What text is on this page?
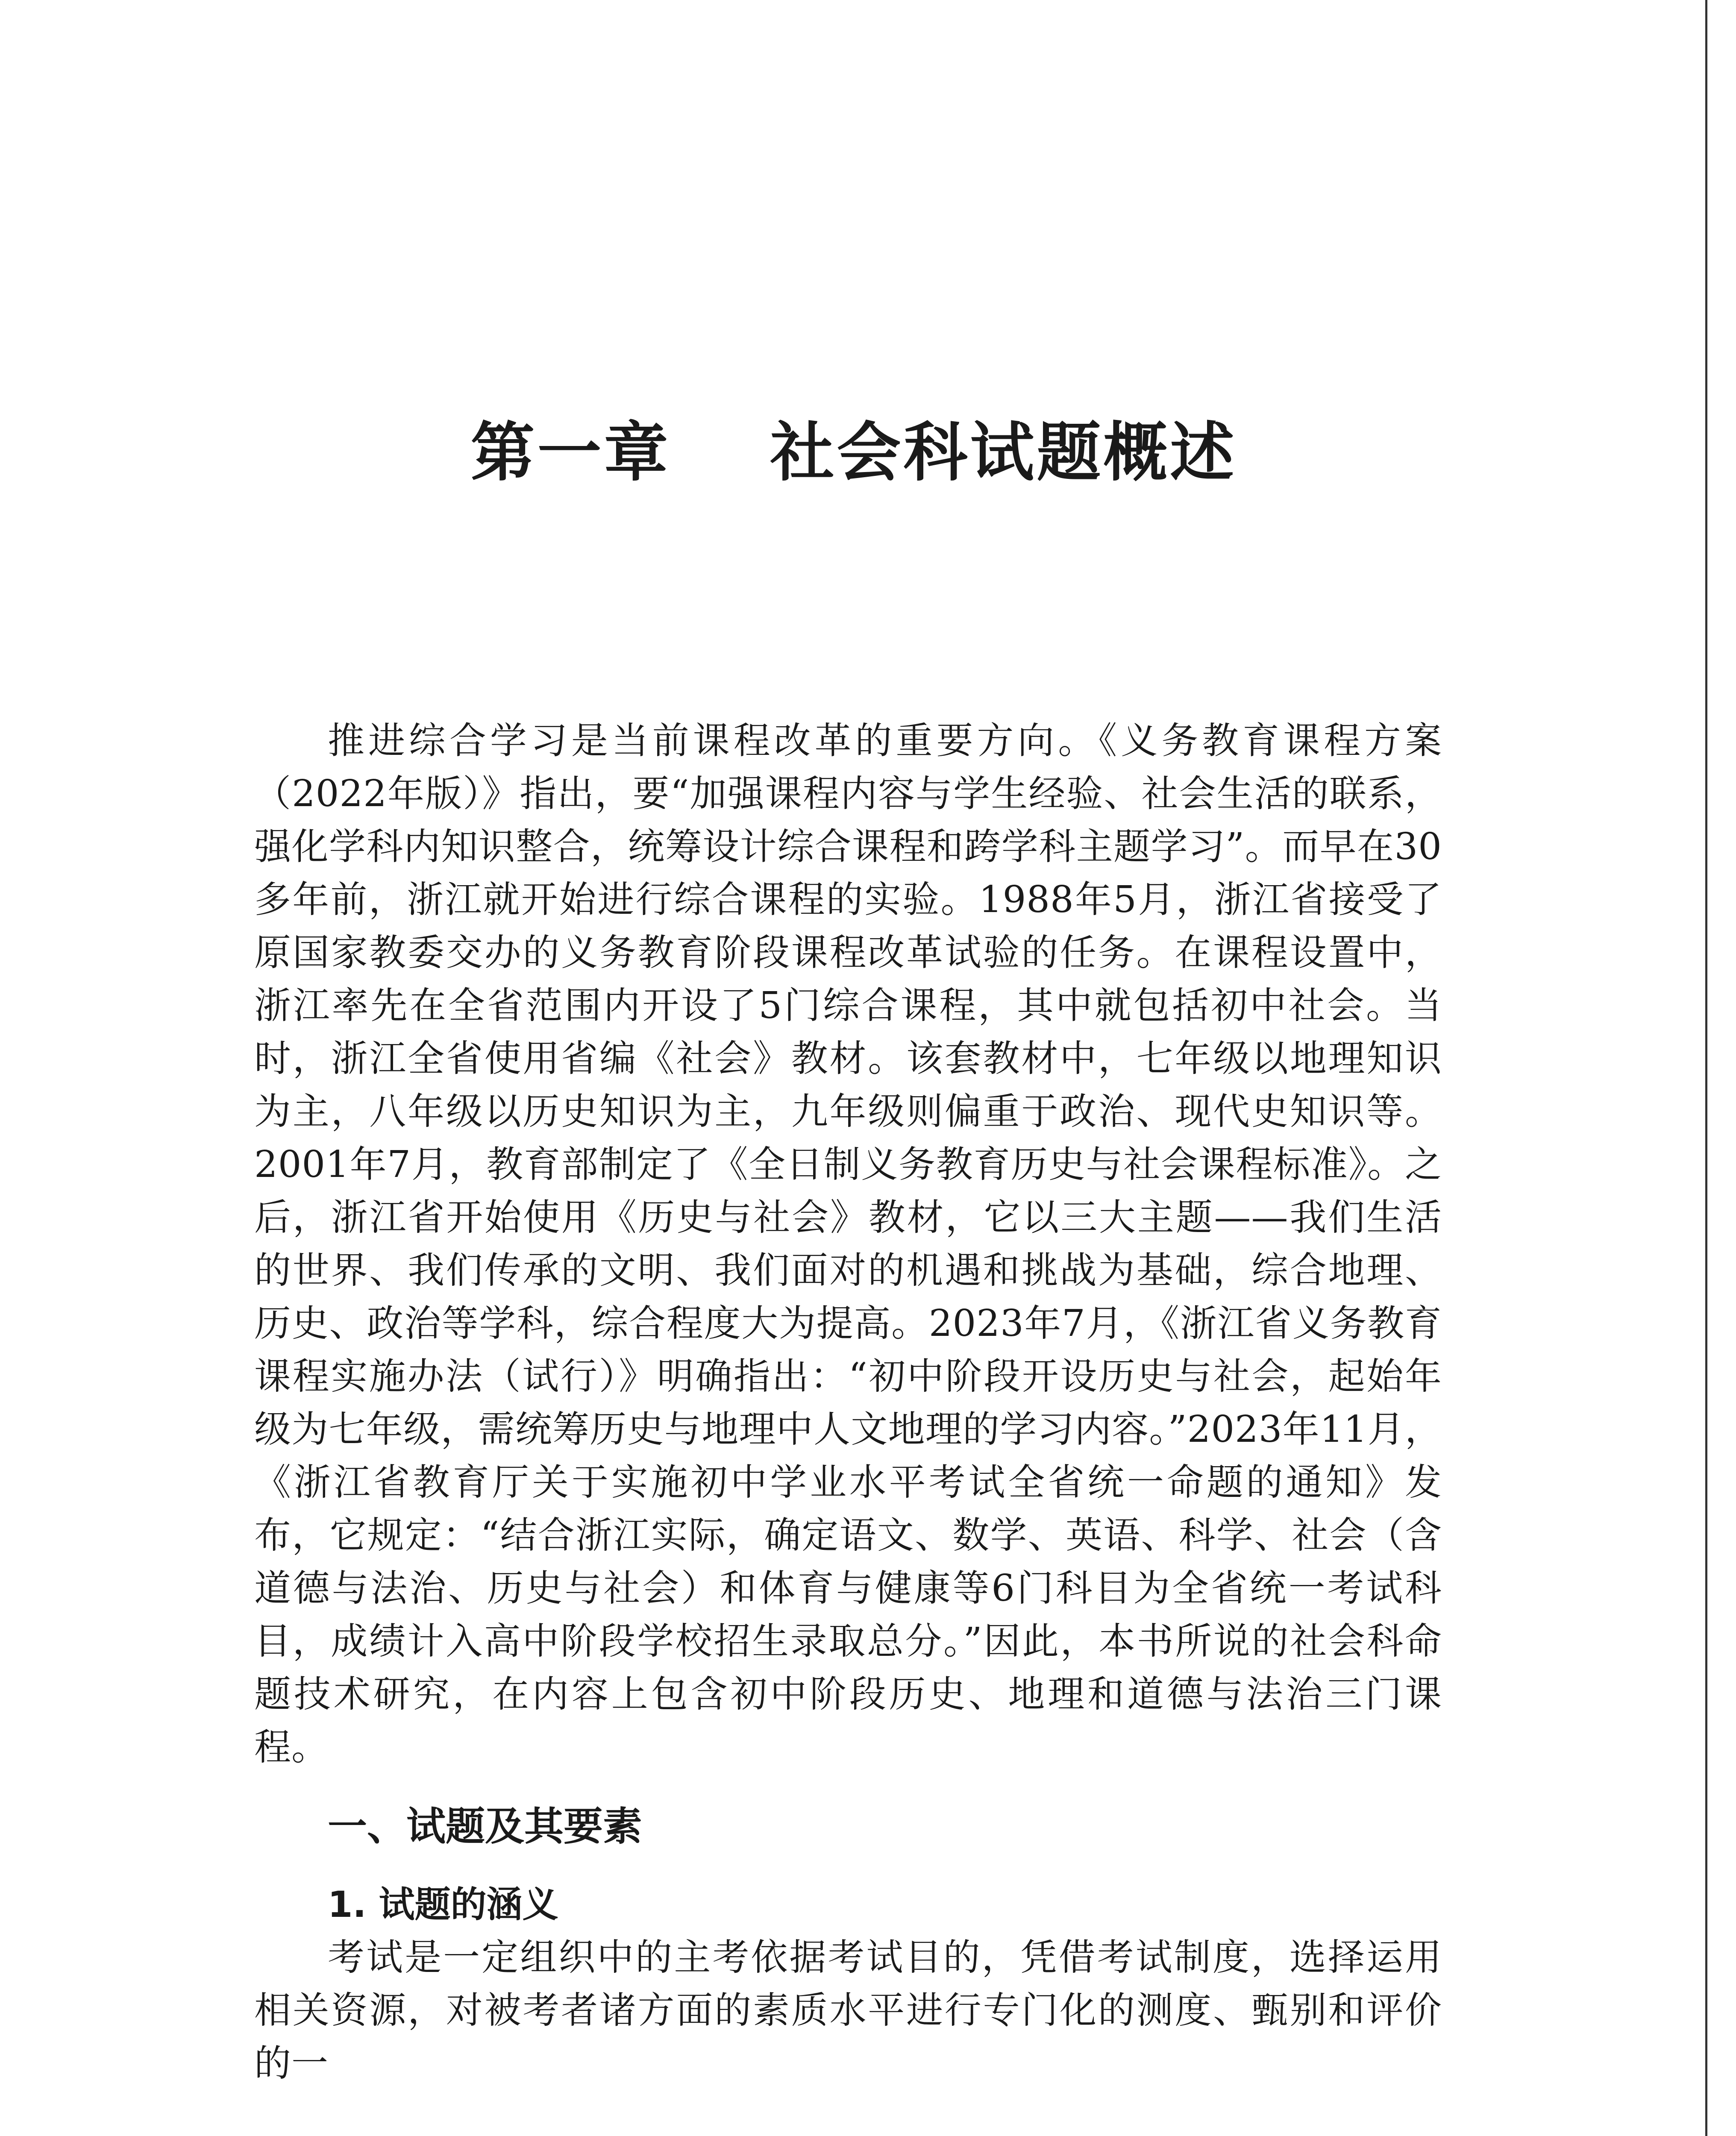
第一章    社会科试题概述

推进综合学习是当前课程改革的重要方向。《义务教育课程方案（2022年版）》指出，要“加强课程内容与学生经验、社会生活的联系，强化学科内知识整合，统筹设计综合课程和跨学科主题学习”。而早在30多年前，浙江就开始进行综合课程的实验。1988年5月，浙江省接受了原国家教委交办的义务教育阶段课程改革试验的任务。在课程设置中，浙江率先在全省范围内开设了5门综合课程，其中就包括初中社会。当时，浙江全省使用省编《社会》教材。该套教材中，七年级以地理知识为主，八年级以历史知识为主，九年级则偏重于政治、现代史知识等。2001年7月，教育部制定了《全日制义务教育历史与社会课程标准》。之后，浙江省开始使用《历史与社会》教材，它以三大主题——我们生活的世界、我们传承的文明、我们面对的机遇和挑战为基础，综合地理、历史、政治等学科，综合程度大为提高。2023年7月，《浙江省义务教育课程实施办法（试行）》明确指出：“初中阶段开设历史与社会，起始年级为七年级，需统筹历史与地理中人文地理的学习内容。”2023年11月，《浙江省教育厅关于实施初中学业水平考试全省统一命题的通知》发布，它规定：“结合浙江实际，确定语文、数学、英语、科学、社会（含道德与法治、历史与社会）和体育与健康等6门科目为全省统一考试科目，成绩计入高中阶段学校招生录取总分。”因此，本书所说的社会科命题技术研究，在内容上包含初中阶段历史、地理和道德与法治三门课程。

一、试题及其要素
1. 试题的涵义

考试是一定组织中的主考依据考试目的，凭借考试制度，选择运用相关资源，对被考者诸方面的素质水平进行专门化的测度、甄别和评价的一
